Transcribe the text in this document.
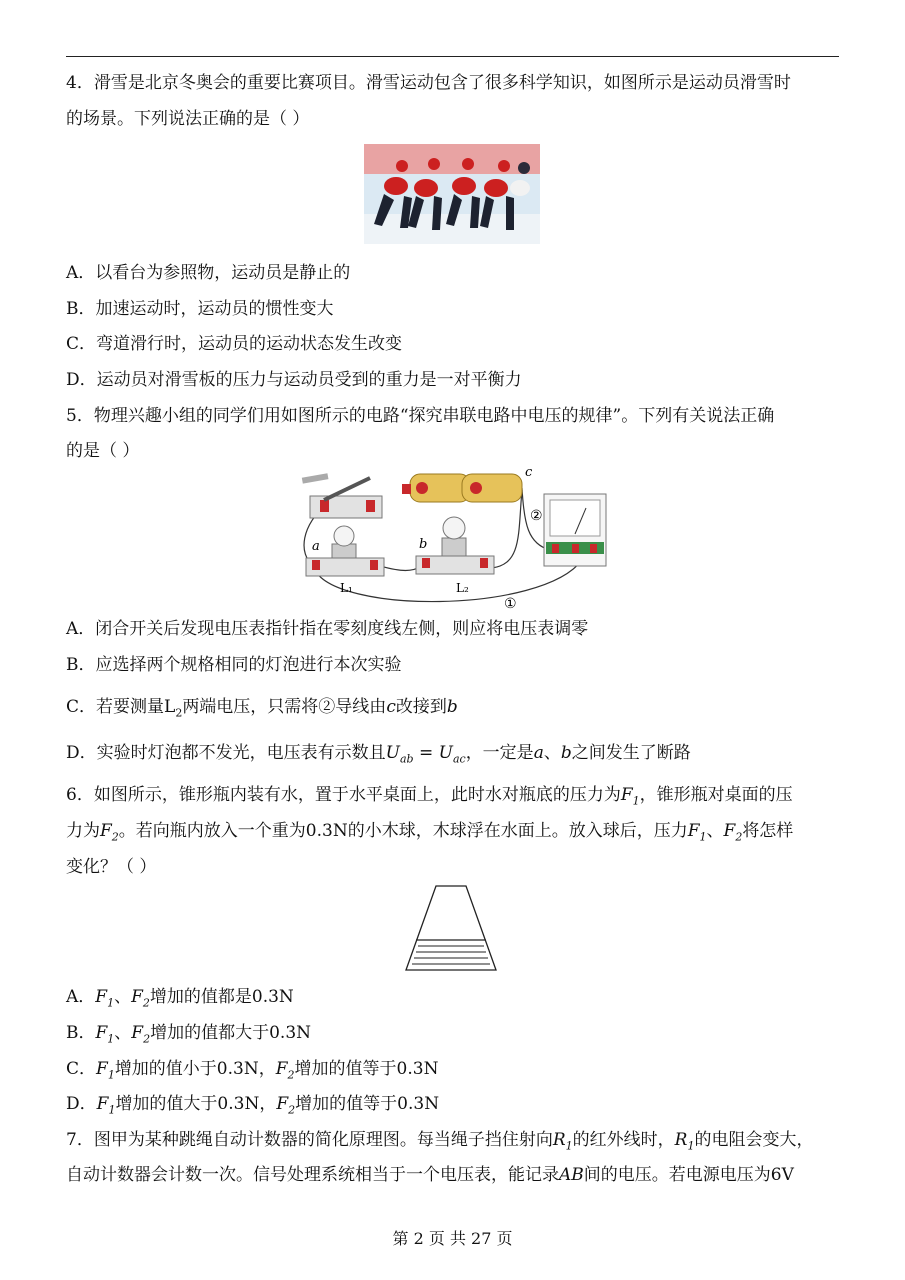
4．滑雪是北京冬奥会的重要比赛项目。滑雪运动包含了很多科学知识，如图所示是运动员滑雪时
的场景。下列说法正确的是（ ）
A．以看台为参照物，运动员是静止的
B．加速运动时，运动员的惯性变大
C．弯道滑行时，运动员的运动状态发生改变
D．运动员对滑雪板的压力与运动员受到的重力是一对平衡力
5．物理兴趣小组的同学们用如图所示的电路“探究串联电路中电压的规律”。下列有关说法正确
的是（ ）
c
a	b
L₁	L₂
①
②
A．闭合开关后发现电压表指针指在零刻度线左侧，则应将电压表调零
B．应选择两个规格相同的灯泡进行本次实验
C．若要测量$L_2$两端电压，只需将②导线由c改接到b
D．实验时灯泡都不发光，电压表有示数且$U_{ab} = U_{ac}$，一定是a、b之间发生了断路
6．如图所示，锥形瓶内装有水，置于水平桌面上，此时水对瓶底的压力为$F_1$，锥形瓶对桌面的压
力为$F_2$。若向瓶内放入一个重为0.3N的小木球，木球浮在水面上。放入球后，压力$F_1$、$F_2$将怎样
变化？（ ）
A．$F_1$、$F_2$增加的值都是0.3N
B．$F_1$、$F_2$增加的值都大于0.3N
C．$F_1$增加的值小于0.3N，$F_2$增加的值等于0.3N
D．$F_1$增加的值大于0.3N，$F_2$增加的值等于0.3N
7．图甲为某种跳绳自动计数器的简化原理图。每当绳子挡住射向$R_1$的红外线时，$R_1$的电阻会变大，
自动计数器会计数一次。信号处理系统相当于一个电压表，能记录AB间的电压。若电源电压为6V
第 2 页 共 27 页
